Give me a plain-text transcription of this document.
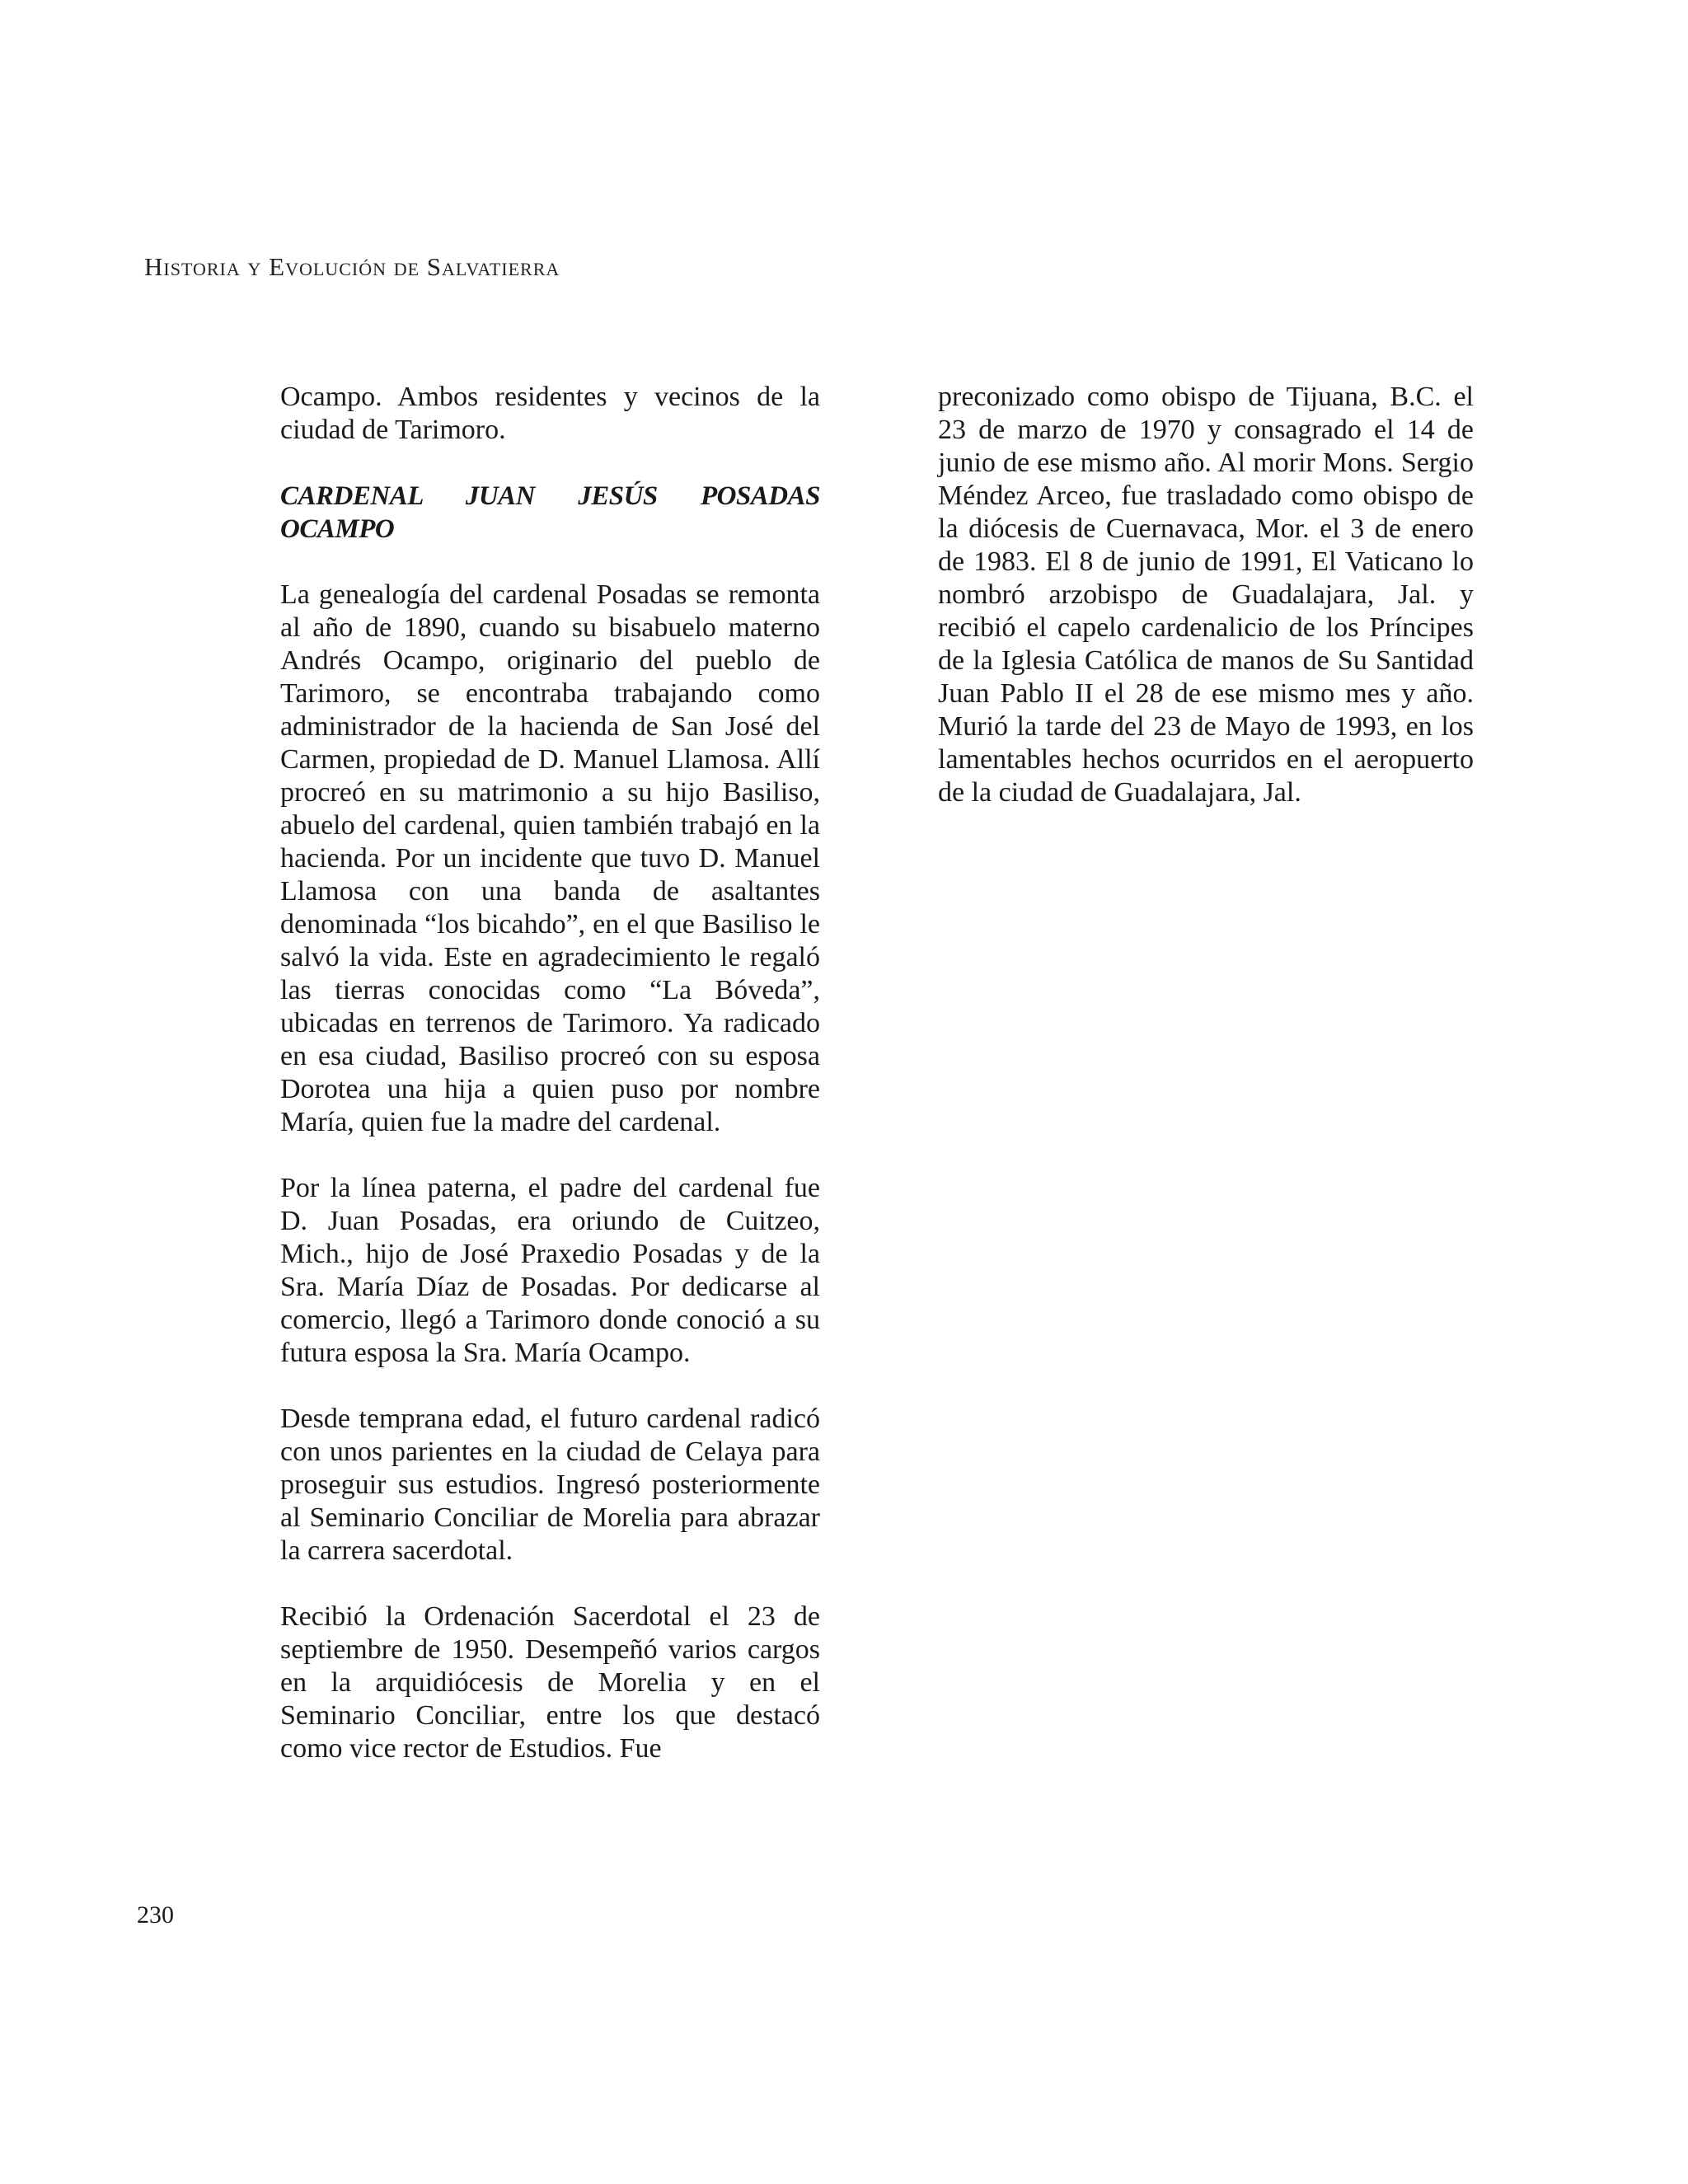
Historia y Evolución de Salvatierra

Ocampo. Ambos residentes y vecinos de la ciudad de Tarimoro.

CARDENAL JUAN JESÚS POSADAS OCAMPO

La genealogía del cardenal Posadas se remonta al año de 1890, cuando su bisabuelo materno Andrés Ocampo, originario del pueblo de Tarimoro, se encontraba trabajando como administrador de la hacienda de San José del Carmen, propiedad de D. Manuel Llamosa. Allí procreó en su matrimonio a su hijo Basiliso, abuelo del cardenal, quien también trabajó en la hacienda. Por un incidente que tuvo D. Manuel Llamosa con una banda de asaltantes denominada “los bicahdo”, en el que Basiliso le salvó la vida. Este en agradecimiento le regaló las tierras conocidas como “La Bóveda”, ubicadas en terrenos de Tarimoro. Ya radicado en esa ciudad, Basiliso procreó con su esposa Dorotea una hija a quien puso por nombre María, quien fue la madre del cardenal.

Por la línea paterna, el padre del cardenal fue D. Juan Posadas, era oriundo de Cuitzeo, Mich., hijo de José Praxedio Posadas y de la Sra. María Díaz de Posadas. Por dedicarse al comercio, llegó a Tarimoro donde conoció a su futura esposa la Sra. María Ocampo.

Desde temprana edad, el futuro cardenal radicó con unos parientes en la ciudad de Celaya para proseguir sus estudios. Ingresó posteriormente al Seminario Conciliar de Morelia para abrazar la carrera sacerdotal.

Recibió la Ordenación Sacerdotal el 23 de septiembre de 1950. Desempeñó varios cargos en la arquidiócesis de Morelia y en el Seminario Conciliar, entre los que destacó como vice rector de Estudios. Fue

preconizado como obispo de Tijuana, B.C. el 23 de marzo de 1970 y consagrado el 14 de junio de ese mismo año. Al morir Mons. Sergio Méndez Arceo, fue trasladado como obispo de la diócesis de Cuernavaca, Mor. el 3 de enero de 1983. El 8 de junio de 1991, El Vaticano lo nombró arzobispo de Guadalajara, Jal. y recibió el capelo cardenalicio de los Príncipes de la Iglesia Católica de manos de Su Santidad Juan Pablo II el 28 de ese mismo mes y año. Murió la tarde del 23 de Mayo de 1993, en los lamentables hechos ocurridos en el aeropuerto de la ciudad de Guadalajara, Jal.

230
